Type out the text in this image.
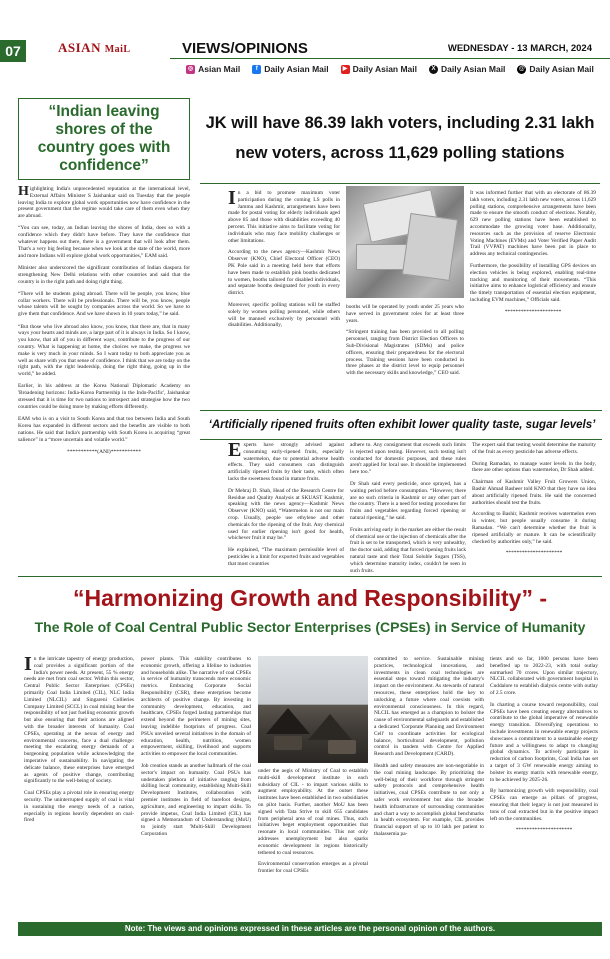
07	ASIAN MaiL	VIEWS/OPINIONS	WEDNESDAY - 13 MARCH, 2024
◎ Asian Mail	f Daily Asian Mail	▶ Daily Asian Mail	X Daily Asian Mail @ Daily Asian Mail
“Indian leaving shores of the country goes with confidence”

Highlighting India's unprecedented reputation at the international level, External Affairs Minister S Jaishankar said on Tuesday that the people leaving India to explore global work opportunities now have confidence in the present government that the regime would take care of them even when they are abroad.

“You can see, today, an Indian leaving the shores of India, does so with a confidence which they didn't have before. They have the confidence that whatever happens out there, there is a government that will look after them. That's a very big feeling because when we look at the state of the world, more and more Indians will explore global work opportunities,” EAM said.

Minister also underscored the significant contribution of Indian diaspora for strengthening New Delhi relations with other countries and said that the country is in the right path and doing right thing.

“There will be students going abroad. There will be people, you know, blue collar workers. There will be professionals. There will be, you know, people whose talents will be sought by companies across the world. So we have to give them that confidence. And we have shown in 10 years today,” he said.

“But those who live abroad also know, you know, that there are, that in many ways your hearts and minds are, a large part of it is always in India. So I know, you know, that all of you in different ways, contribute to the progress of our country. What is happening at home, the choices we make, the progress we make is very much in your minds. So I want today to both appreciate you as well as share with you that sense of confidence. I think that we are today on the right path, with the right leadership, doing the right thing, going up in the world,” he added.

Earlier, in his address at the Korea National Diplomatic Academy on 'Broadening horizons: India-Korea Partnership in the Indo-Pacific', Jaishankar stressed that it is time for two nations to introspect and strategise how the two countries could be doing more by making efforts differently.

EAM who is on a visit to South Korea and that too between India and South Korea has expanded in different sectors and the benefits are visible to both nations. He said that India's partnership with South Korea is acquiring “great salience” in a “more uncertain and volatile world.”

***********(ANI)***********
JK will have 86.39 lakh voters, including 2.31 lakh new voters, across 11,629 polling stations

In a bid to promote maximum voter participation during the coming LS polls in Jammu and Kashmir, arrangements have been made for postal voting for elderly individuals aged above 85 and those with disabilities exceeding 40 percent. This initiative aims to facilitate voting for individuals who may face mobility challenges or other limitations.

According to the news agency—Kashmir News Observer (KNO), Chief Electoral Officer (CEO) PK Pole said in a meeting held here that efforts have been made to establish pink booths dedicated to women, booths tailored for disabled individuals, and separate booths designated for youth in every district.

Moreover, specific polling stations will be staffed solely by women polling personnel, while others will be manned exclusively by personnel with disabilities. Additionally,

booths will be operated by youth under 25 years who have served in government roles for at least three years.

“Stringent training has been provided to all polling personnel, ranging from District Election Officers to Sub-Divisional Magistrates (SDMs) and police officers, ensuring their preparedness for the electoral process. Training sessions have been conducted in three phases at the district level to equip personnel with the necessary skills and knowledge,” CEO said.

It was informed further that with an electorate of 86.39 lakh voters, including 2.31 lakh new voters, across 11,629 polling stations, comprehensive arrangements have been made to ensure the smooth conduct of elections. Notably, 629 new polling stations have been established to accommodate the growing voter base. Additionally, resources such as the provision of reserve Electronic Voting Machines (EVMs) and Voter Verified Paper Audit Trail (VVPAT) machines have been put in place to address any technical contingencies.

Furthermore, the possibility of installing GPS devices on election vehicles is being explored, enabling real-time tracking and monitoring of their movements. “This initiative aims to enhance logistical efficiency and ensure the timely transportation of essential election equipment, including EVM machines,” Officials said.

*********************
‘Artificially ripened fruits often exhibit lower quality taste, sugar levels’

Experts have strongly advised against consuming early-ripened fruits, especially watermelon, due to potential adverse health effects. They said consumers can distinguish artificially ripened fruits by their taste, which often lacks the sweetness found in mature fruits.

Dr Mehraj D. Shah, Head of the Research Centre for Residue and Quality Analysis at SKUAST Kashmir, speaking with the news agency—Kashmir News Observer (KNO) said, “Watermelon is not our main crop. Usually, people use ethylene and other chemicals for the ripening of the fruit. Any chemical used for earlier ripening isn't good for health, whichever fruit it may be.”

He explained, “The maximum permissible level of pesticides is a limit for exported fruits and vegetables that most countries

adhere to. Any consignment that exceeds such limits is rejected upon testing. However, such testing isn't conducted for domestic purposes, and these rules aren't applied for local use. It should be implemented here too.”

Dr Shah said every pesticide, once sprayed, has a waiting period before consumption. “However, there are no such criteria in Kashmir or any other part of the country. There is a need for testing procedures for fruits and vegetables regarding forced ripening or natural ripening,” he said.

Fruits arriving early in the market are either the result of chemical use or the injection of chemicals after the fruit is set to be transported, which is very unhealthy, the doctor said, adding that forced ripening fruits lack natural taste and their Total Soluble Sugars (TSS), which determine maturity index, couldn't be seen in such fruits.

The expert said that testing would determine the maturity of the fruit as every pesticide has adverse effects.

During Ramadan, to manage water levels in the body, there are other options than watermelon, Dr Shah added.

Chairman of Kashmir Valley Fruit Growers Union, Bashir Ahmad Basheer told KNO that they have no idea about artificially ripened fruits. He said the concerned authorities should test the fruits.

According to Bashir, Kashmir receives watermelon even in winter, but people usually consume it during Ramadan. “We can't determine whether the fruit is ripened artificially or mature. It can be scientifically checked by authorities only,” he said.

*********************
“Harmonizing Growth and Responsibility” -
The Role of Coal Central Public Sector Enterprises (CPSEs) in Service of Humanity

In the intricate tapestry of energy production, coal provides a significant portion of the India's power needs. At present, 55 % energy needs are met from coal sector. Within this sector, Central Public Sector Enterprises (CPSEs) primarily Coal India Limited (CIL), NLC India Limited (NLCIL) and Singareni Collieries Company Limited (SCCL) in coal mining bear the responsibility of not just fuelling economic growth but also ensuring that their actions are aligned with the broader interests of humanity. Coal CPSEs, operating at the nexus of energy and environmental concerns, face a dual challenge: meeting the escalating energy demands of a burgeoning population while acknowledging the imperative of sustainability. In navigating the delicate balance, these enterprises have emerged as agents of positive change, contributing significantly to the well-being of society.

Coal CPSEs play a pivotal role in ensuring energy security. The uninterrupted supply of coal is vital in sustaining the energy needs of a nation, especially in regions heavily dependent on coal-fired

power plants. This stability contributes to economic growth, offering a lifeline to industries and households alike. The narrative of coal CPSEs in service of humanity transcends mere economic metrics. Embracing Corporate Social Responsibility (CSR), these enterprises become architects of positive change. By investing in community development, education, and healthcare, CPSEs forged lasting partnerships that extend beyond the perimeters of mining sites, leaving indelible footprints of progress. Coal PSUs unveiled several initiatives in the domain of education, health, nutrition, women empowerment, skilling, livelihood and supports activities to empower the local communities.

Job creation stands as another hallmark of the coal sector's impact on humanity. Coal PSUs has undertaken plethora of initiative ranging from skilling local community, establishing Multi-Skill Development Institutes, collaboration with premier institutes in field of barefoot designs, agriculture, and engineering to impart skills. To provide impetus, Coal India Limited (CIL) has signed a Memorandum of Understanding (MoU) to jointly start 'Multi-Skill Development Corporation

under the aegis of Ministry of Coal to establish multi-skill development institute in each subsidiary of CIL - to impart various skills to augment employability. At the outset these institutes have been established in two subsidiaries on pilot basis. Further, another MoU has been signed with Tata Strive to skill 655 candidates from peripheral area of coal mines. Thus, such initiatives beget employment opportunities that resonate in local communities. This not only addresses unemployment but also sparks economic development in regions historically tethered to coal resources.

Environmental conservation emerges as a pivotal frontier for coal CPSEs

committed to service. Sustainable mining practices, technological innovations, and investments in clean coal technologies are essential steps toward mitigating the industry's impact on the environment. As stewards of natural resources, these enterprises hold the key to unlocking a future where coal coexists with environmental consciousness. In this regard, NLCIL has emerged as a champion to bolster the cause of environmental safeguards and established a dedicated 'Corporate Planning and Environment Cell' to coordinate activities for ecological balance, horticultural development, pollution control in tandem with Centre for Applied Research and Development (CARD).

Health and safety measures are non-negotiable in the coal mining landscape. By prioritizing the well-being of their workforce through stringent safety protocols and comprehensive health initiatives, coal CPSEs contribute to not only a safer work environment but also the broader health infrastructure of surrounding communities and chart a way to accomplish global benchmarks in health ecosystem. For example, CIL provides financial support of up to 10 lakh per patient to thalassemia pa-

tients and so far, 1000 persons have been benefited up to 2022-23, with total outlay earmarked 70 crores. Upon similar trajectory, NLCIL collaborated with government hospital in Cuddalore to establish dialysis centre with outlay of 2.5 crore.

In charting a course toward responsibility, coal CPSEs have been creating energy alternatives to contribute to the global imperative of renewable energy transition. Diversifying operations to include investments in renewable energy projects showcases a commitment to a sustainable energy future and a willingness to adapt to changing global dynamics. To actively participate in reduction of carbon footprints, Coal India has set a target of 3 GW renewable energy aiming to bolster its energy matrix with renewable energy, to be achieved by 2025-26.

By harmonizing growth with responsibility, coal CPSEs can emerge as pillars of progress, ensuring that their legacy is not just measured in tons of coal extracted but in the positive impact left on the communities.

*********************
Note: The views and opinions expressed in these articles are the personal opinion of the authors.
